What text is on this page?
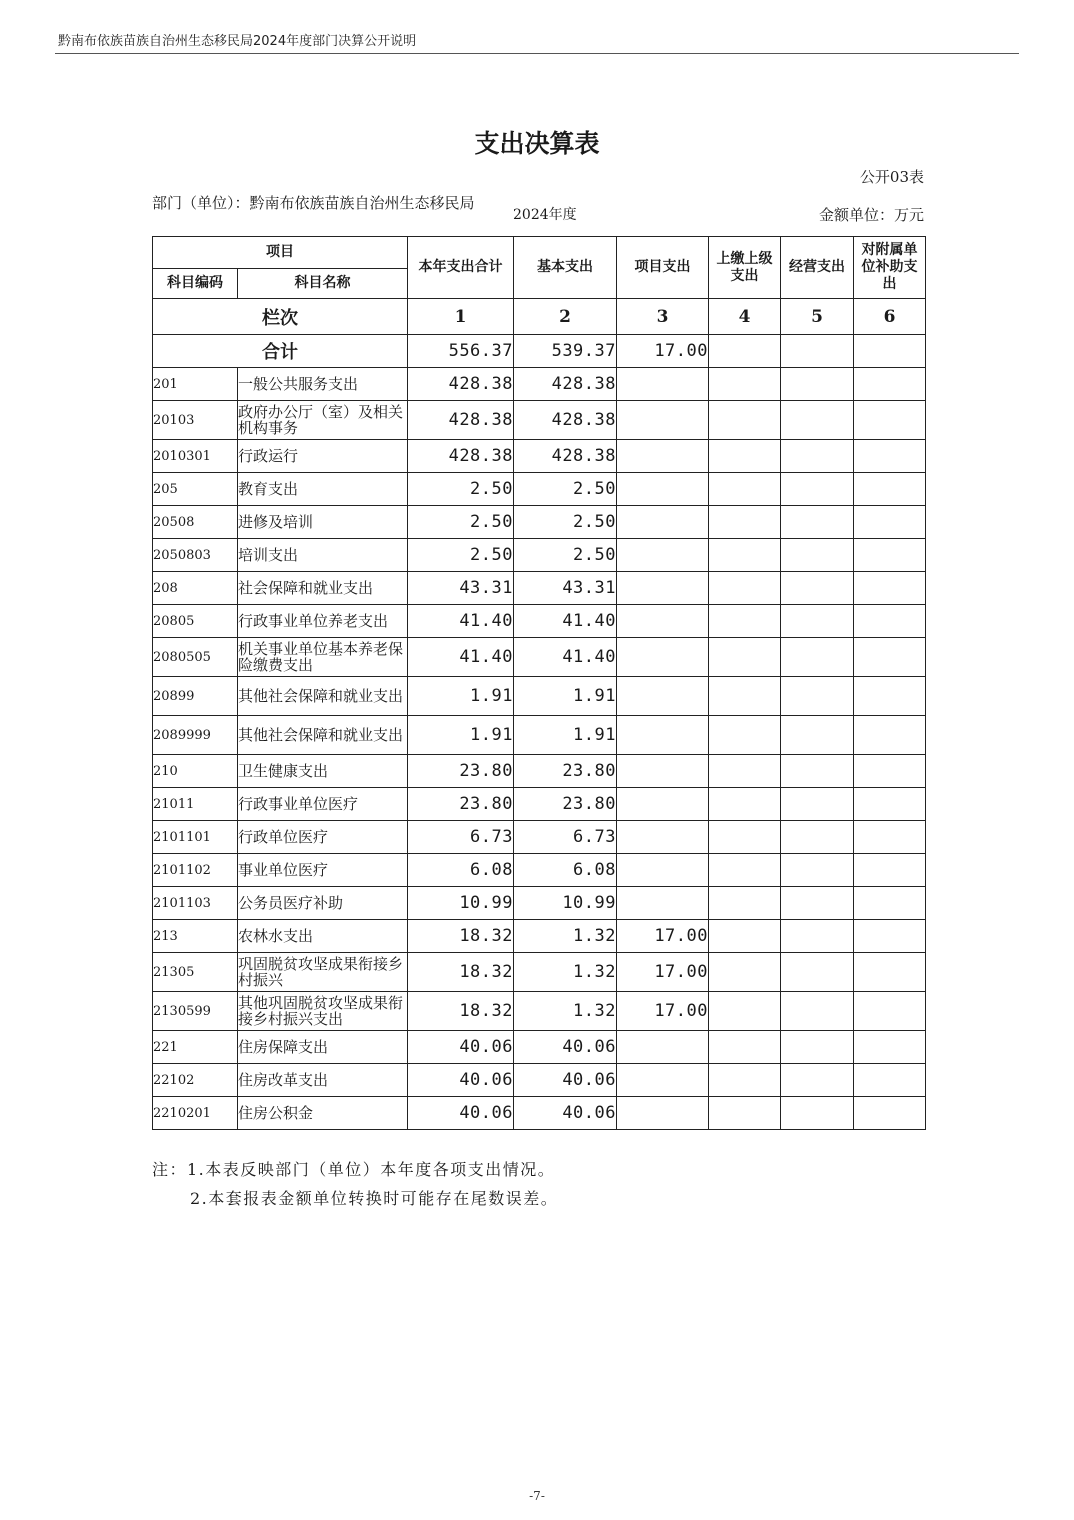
黔南布依族苗族自治州生态移民局2024年度部门决算公开说明
支出决算表
公开03表
部门（单位）：黔南布依族苗族自治州生态移民局
2024年度	金额单位：万元
项目		本年支出合计	基本支出	项目支出	上缴上级支出	经营支出	对附属单位补助支出
科目编码	科目名称						
栏次		1	2	3	4	5	6
合计		556.37	539.37	17.00			
201	一般公共服务支出	428.38	428.38				
20103	政府办公厅（室）及相关机构事务	428.38	428.38				
2010301	行政运行	428.38	428.38				
205	教育支出	2.50	2.50				
20508	进修及培训	2.50	2.50				
2050803	培训支出	2.50	2.50				
208	社会保障和就业支出	43.31	43.31				
20805	行政事业单位养老支出	41.40	41.40				
2080505	机关事业单位基本养老保险缴费支出	41.40	41.40				
20899	其他社会保障和就业支出	1.91	1.91				
2089999	其他社会保障和就业支出	1.91	1.91				
210	卫生健康支出	23.80	23.80				
21011	行政事业单位医疗	23.80	23.80				
2101101	行政单位医疗	6.73	6.73				
2101102	事业单位医疗	6.08	6.08				
2101103	公务员医疗补助	10.99	10.99				
213	农林水支出	18.32	1.32	17.00			
21305	巩固脱贫攻坚成果衔接乡村振兴	18.32	1.32	17.00			
2130599	其他巩固脱贫攻坚成果衔接乡村振兴支出	18.32	1.32	17.00			
221	住房保障支出	40.06	40.06				
22102	住房改革支出	40.06	40.06				
2210201	住房公积金	40.06	40.06				
注：1.本表反映部门（单位）本年度各项支出情况。
2.本套报表金额单位转换时可能存在尾数误差。
-7-
